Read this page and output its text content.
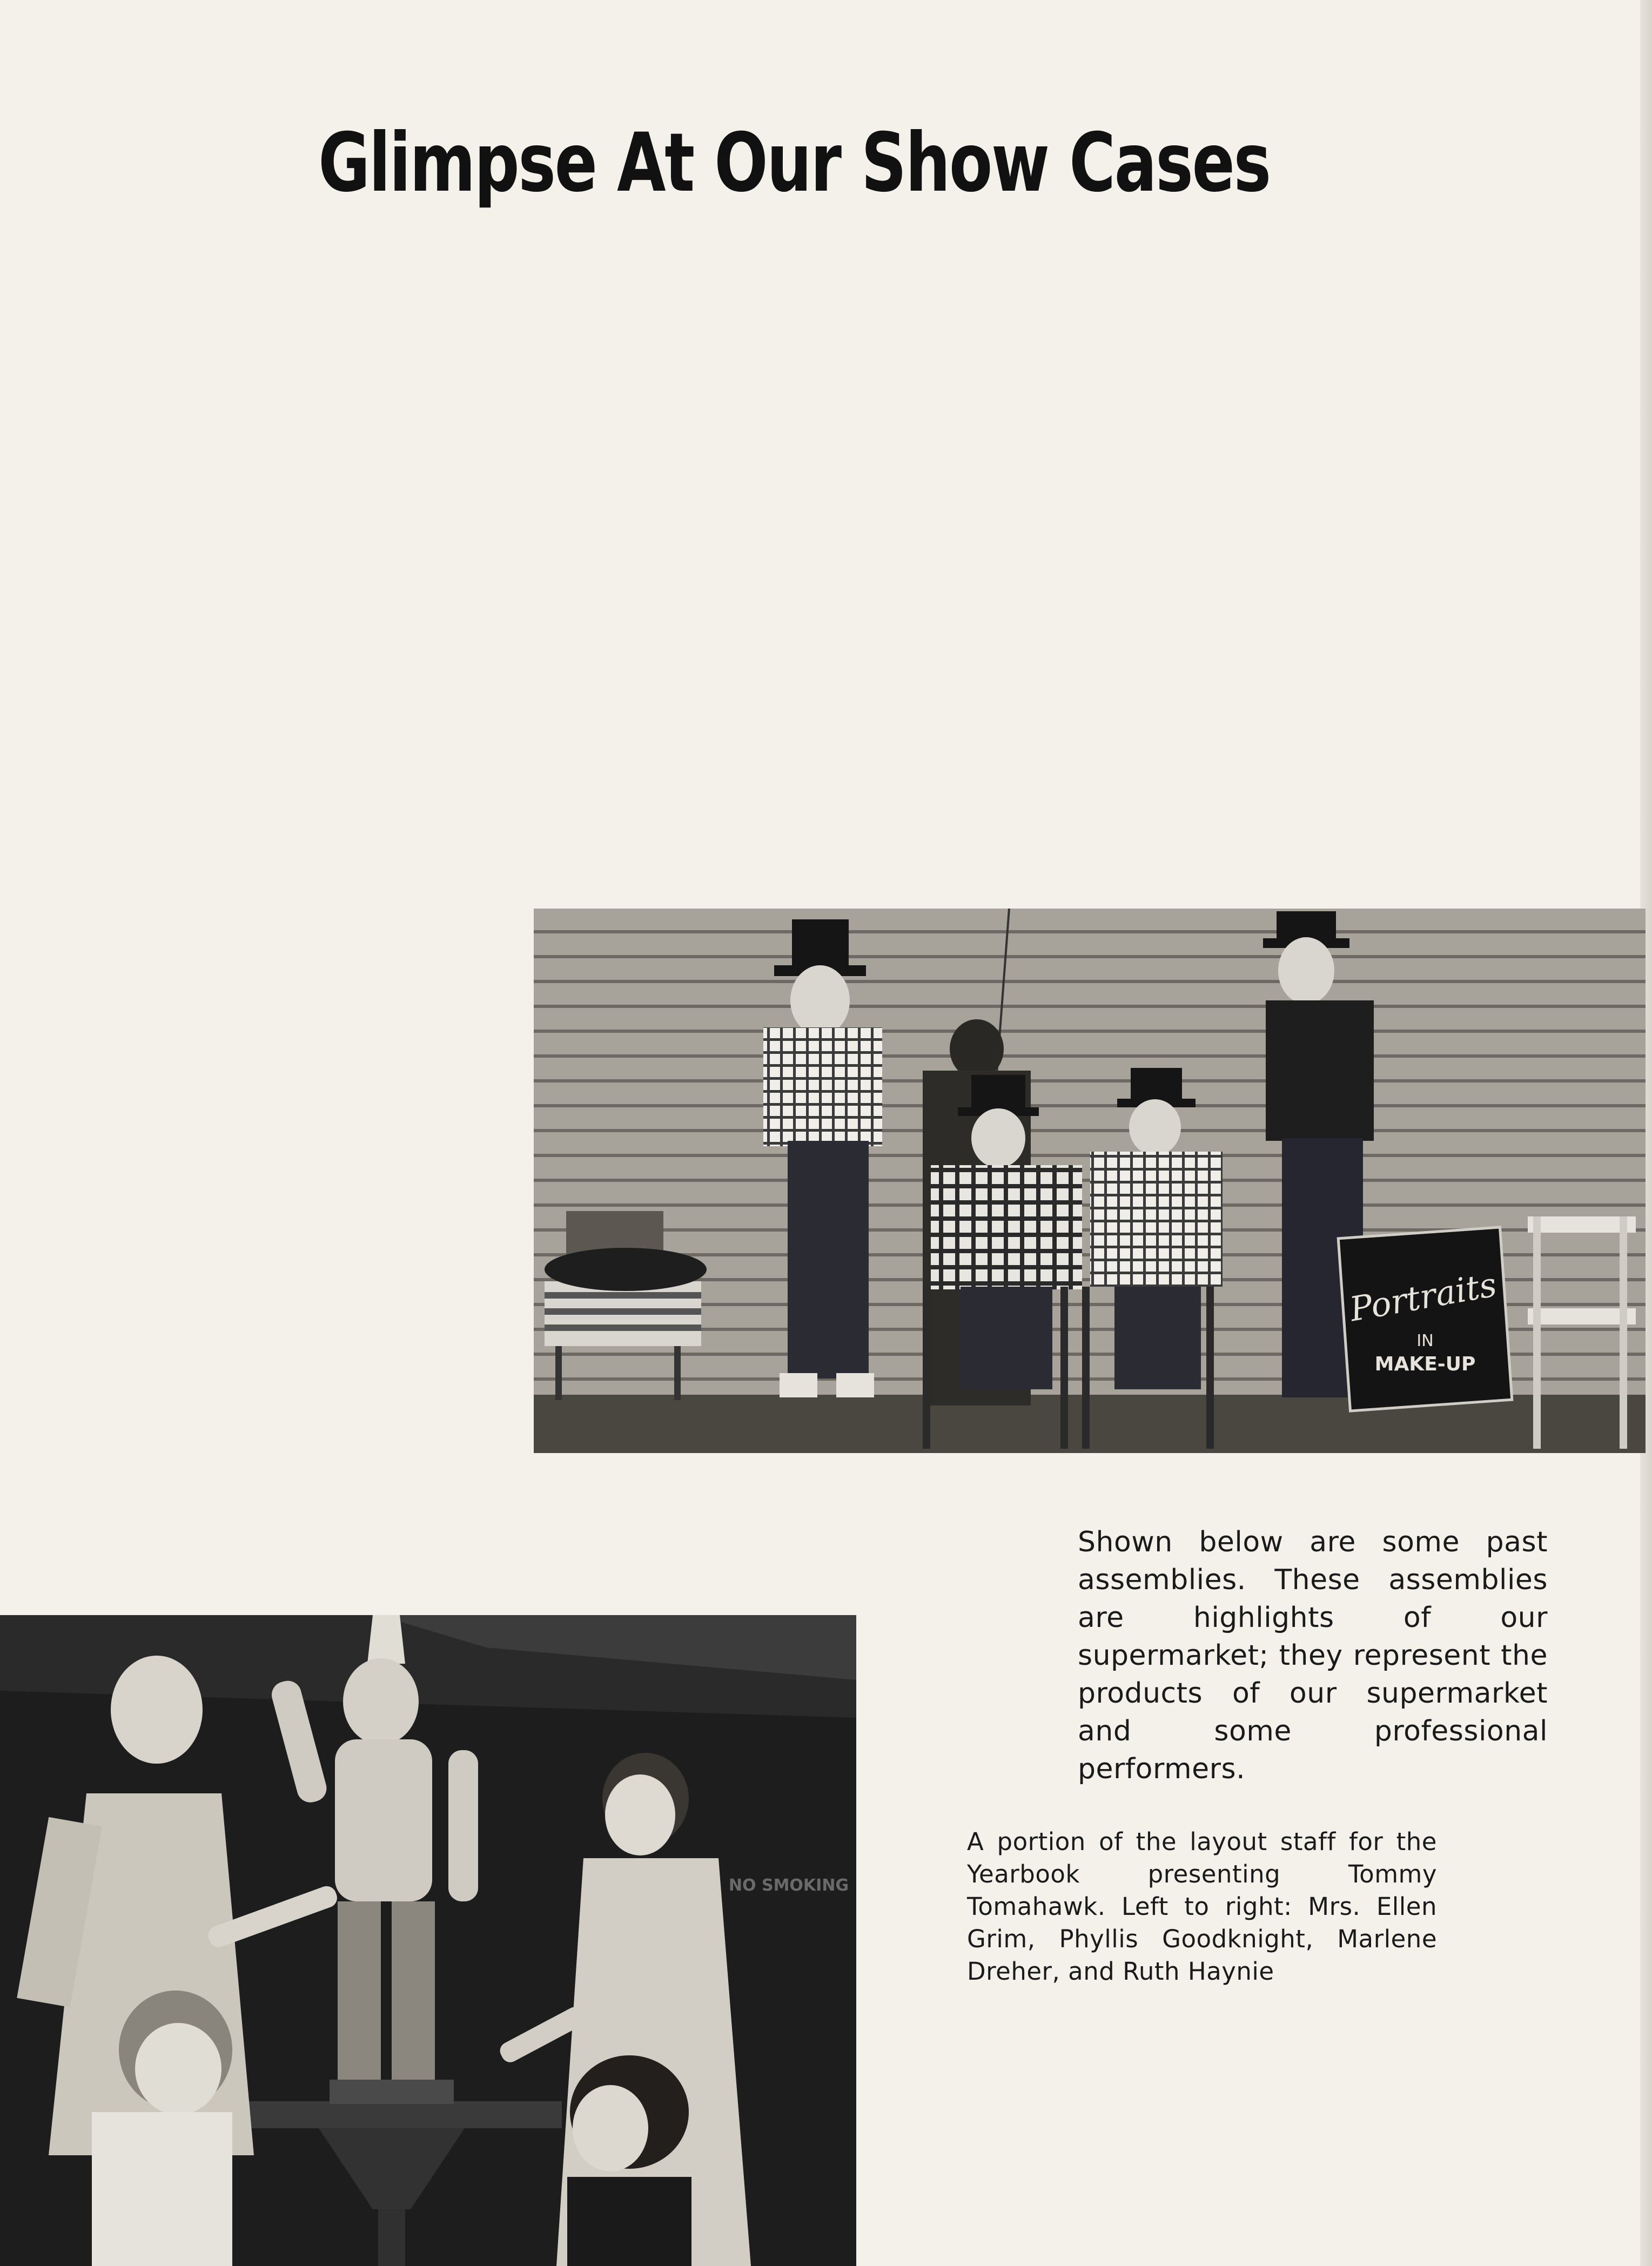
Glimpse At Our Show Cases
Portraits
IN
MAKE-UP
Shown below are some past assemblies. These assemblies are highlights of our supermarket; they represent the products of our supermarket and some professional performers.
A portion of the layout staff for the Yearbook presenting Tommy Tomahawk. Left to right: Mrs. Ellen Grim, Phyllis Goodknight, Marlene Dreher, and Ruth Haynie
NO SMOKING
